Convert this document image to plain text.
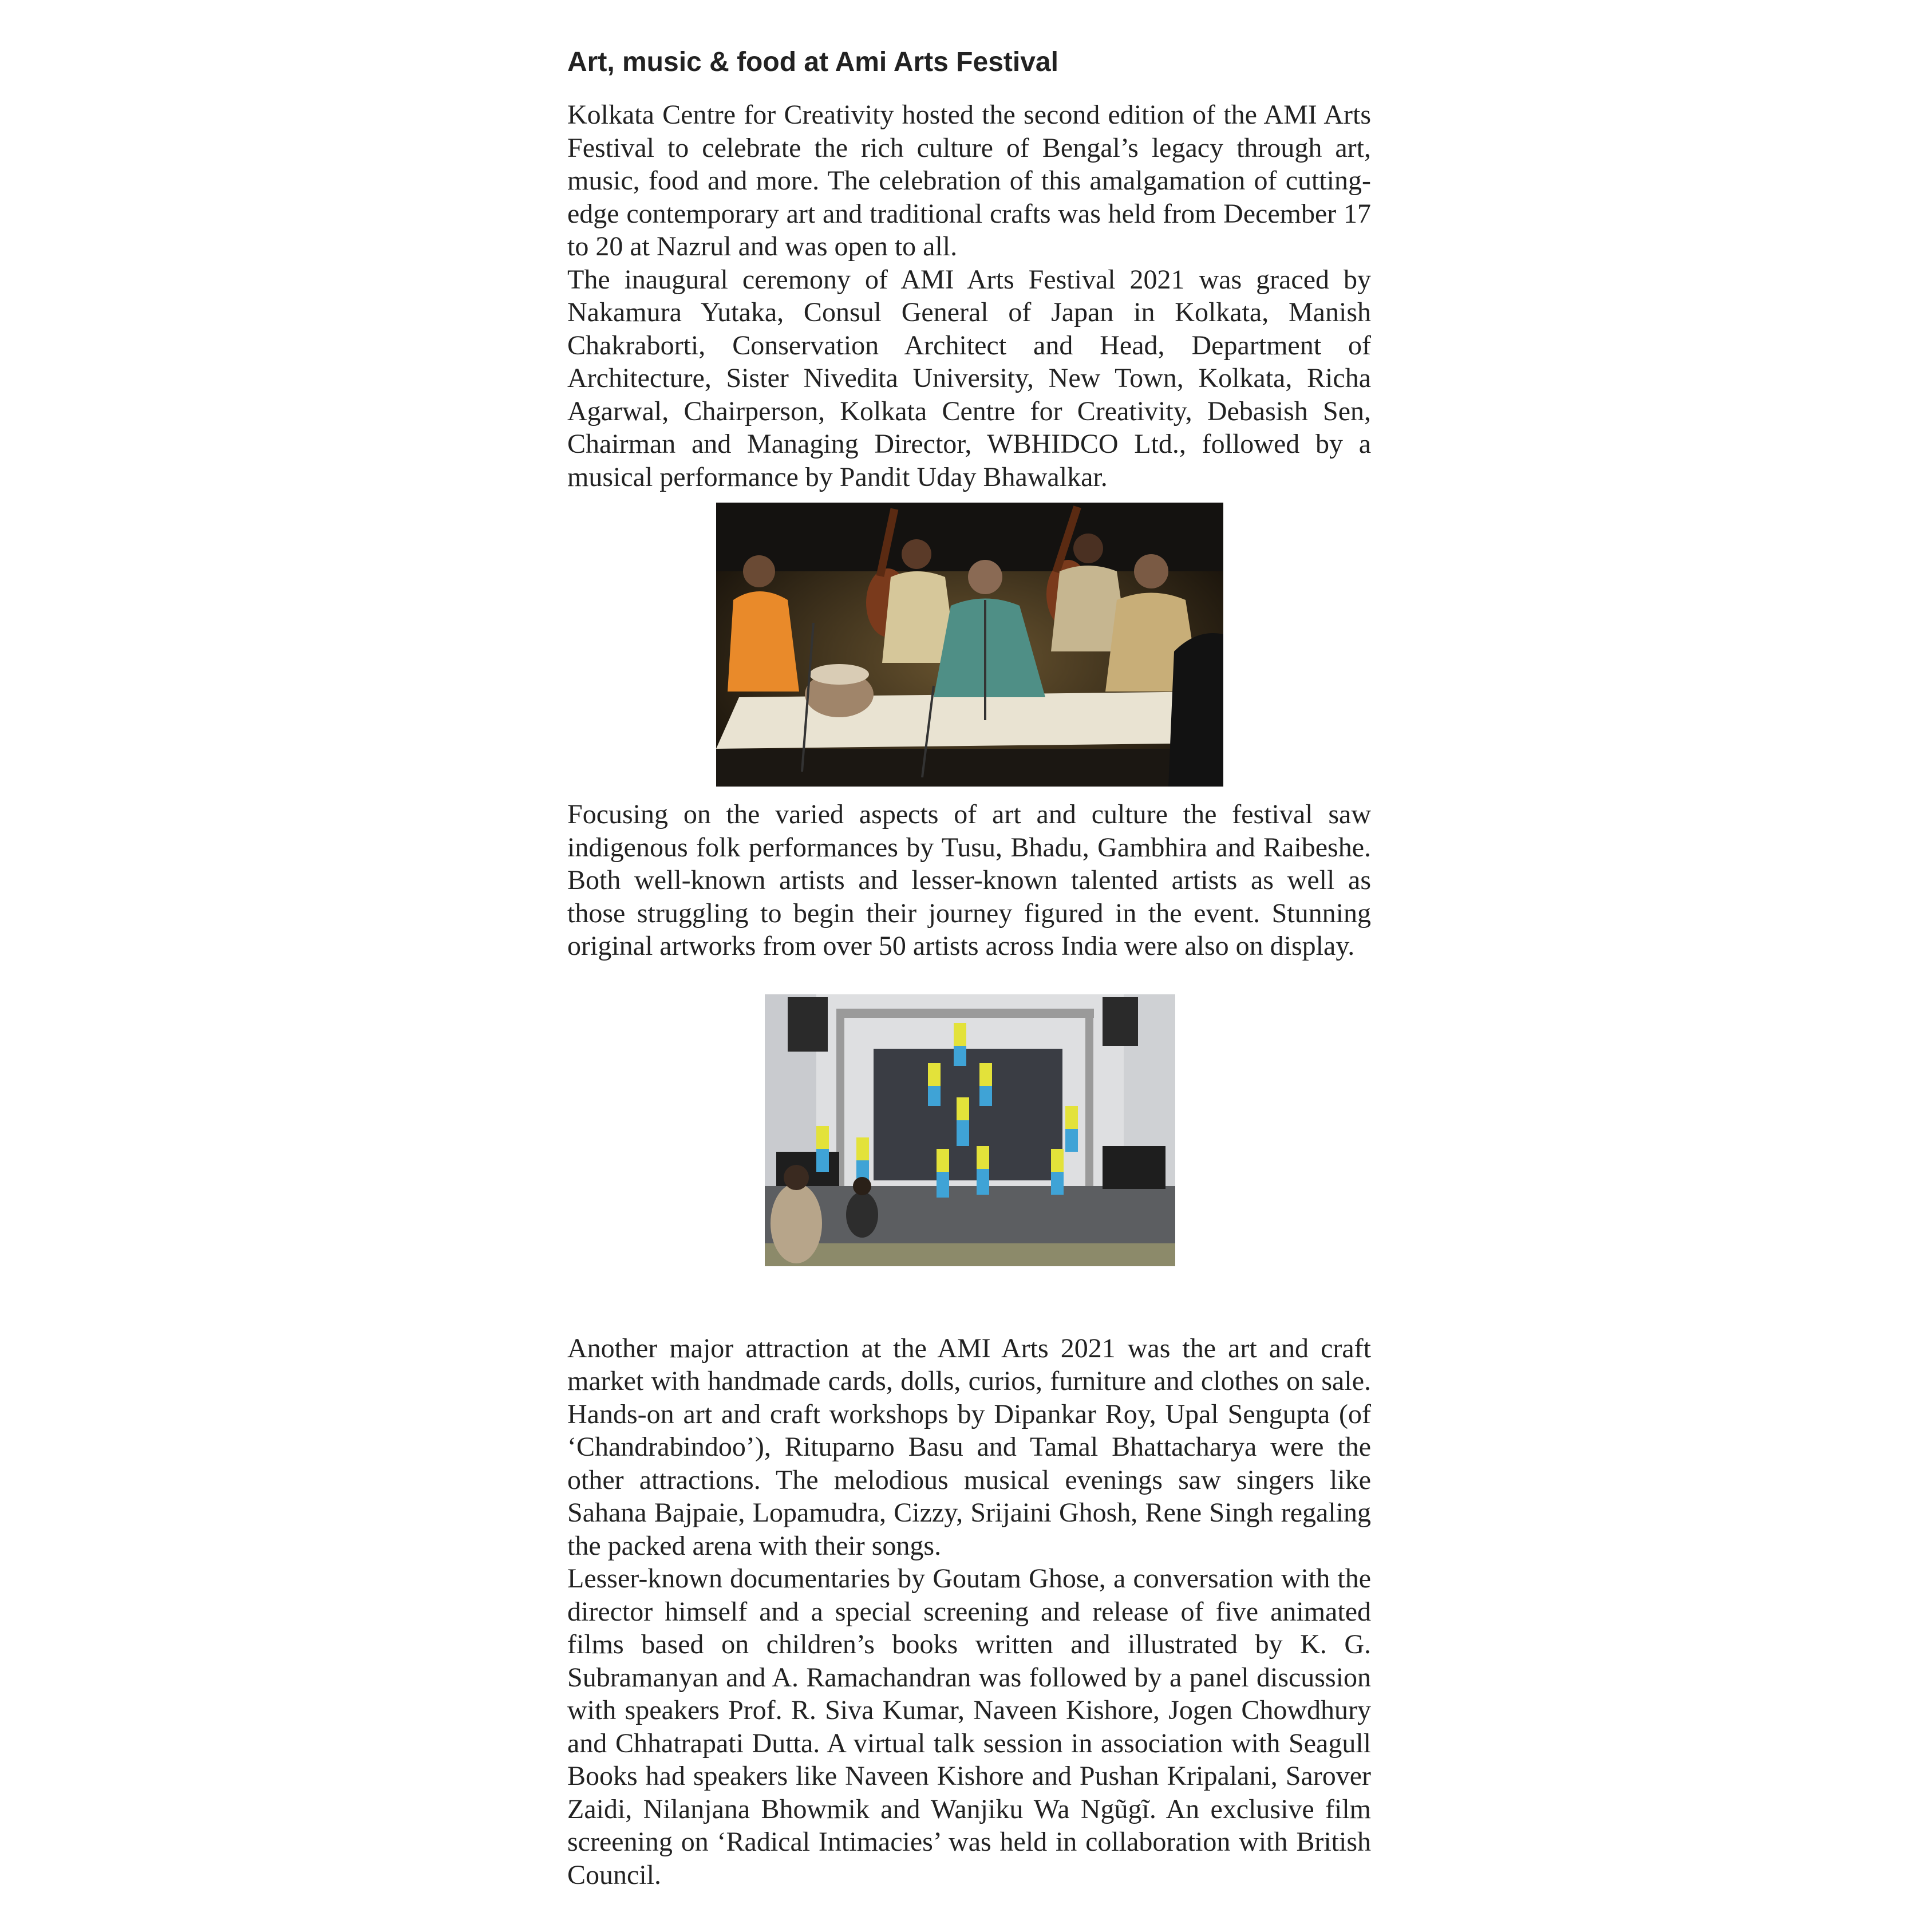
Art, music & food at Ami Arts Festival

Kolkata Centre for Creativity hosted the second edition of the AMI Arts Festival to celebrate the rich culture of Bengal’s legacy through art, music, food and more. The celebration of this amalgamation of cutting-edge contemporary art and traditional crafts was held from December 17 to 20 at Nazrul and was open to all.

The inaugural ceremony of AMI Arts Festival 2021 was graced by Nakamura Yutaka, Consul General of Japan in Kolkata, Manish Chakraborti, Conservation Architect and Head, Department of Architecture, Sister Nivedita University, New Town, Kolkata, Richa Agarwal, Chairperson, Kolkata Centre for Creativity, Debasish Sen, Chairman and Managing Director, WBHIDCO Ltd., followed by a musical performance by Pandit Uday Bhawalkar.

Focusing on the varied aspects of art and culture the festival saw indigenous folk performances by Tusu, Bhadu, Gambhira and Raibeshe. Both well-known artists and lesser-known talented artists as well as those struggling to begin their journey figured in the event. Stunning original artworks from over 50 artists across India were also on display.

Another major attraction at the AMI Arts 2021 was the art and craft market with handmade cards, dolls, curios, furniture and clothes on sale. Hands-on art and craft workshops by Dipankar Roy, Upal Sengupta (of ‘Chandrabindoo’), Rituparno Basu and Tamal Bhattacharya were the other attractions. The melodious musical evenings saw singers like Sahana Bajpaie, Lopamudra, Cizzy, Srijaini Ghosh, Rene Singh regaling the packed arena with their songs.

Lesser-known documentaries by Goutam Ghose, a conversation with the director himself and a special screening and release of five animated films based on children’s books written and illustrated by K. G. Subramanyan and A. Ramachandran was followed by a panel discussion with speakers Prof. R. Siva Kumar, Naveen Kishore, Jogen Chowdhury and Chhatrapati Dutta. A virtual talk session in association with Seagull Books had speakers like Naveen Kishore and Pushan Kripalani, Sarover Zaidi, Nilanjana Bhowmik and Wanjiku Wa Ngũgĩ. An exclusive film screening on ‘Radical Intimacies’ was held in collaboration with British Council.
